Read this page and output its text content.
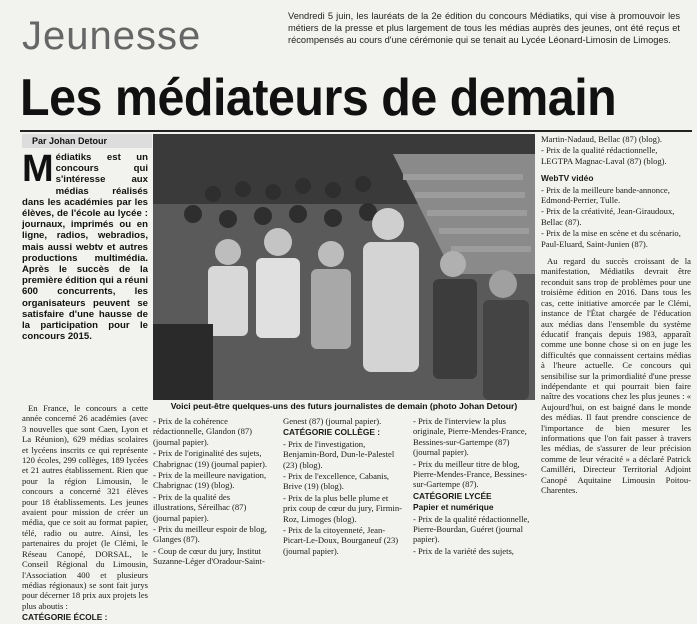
Jeunesse	Vendredi 5 juin, les lauréats de la 2e édition du concours Médiatiks, qui vise à promouvoir les métiers de la presse et plus largement de tous les médias auprès des jeunes, ont été reçus et récompensés au cours d'une cérémonie qui se tenait au Lycée Léonard-Limosin de Limoges.
Les médiateurs de demain
Par Johan Detour
Médiatiks est un concours qui s'intéresse aux médias réalisés dans les académies par les élèves, de l'école au lycée : journaux, imprimés ou en ligne, radios, webradios, mais aussi webtv et autres productions multimédia. Après le succès de la première édition qui a réuni 600 concurrents, les organisateurs peuvent se satisfaire d'une hausse de la participation pour le concours 2015.

En France, le concours a cette année concerné 26 académies (avec 3 nouvelles que sont Caen, Lyon et La Réunion), 629 médias scolaires et lycéens inscrits ce qui représente 120 écoles, 299 collèges, 189 lycées et 21 autres établissement. Rien que pour la région Limousin, le concours a concerné 321 élèves pour 18 établissements. Les jeunes avaient pour mission de créer un média, que ce soit au format papier, télé, radio ou autre. Ainsi, les partenaires du projet (le Clémi, le Réseau Canopé, DORSAL, le Conseil Régional du Limousin, l'Association 400 et plusieurs médias régionaux) se sont fait jurys pour décerner 18 prix aux projets les plus aboutis :

CATÉGORIE ÉCOLE :

Voici peut-être quelques-uns des futurs journalistes de demain (photo Johan Detour)

- Prix de la cohérence rédactionnelle, Glandon (87) (journal papier).

- Prix de l'originalité des sujets, Chabrignac (19) (journal papier).

- Prix de la meilleure navigation, Chabrignac (19) (blog).

- Prix de la qualité des illustrations, Séreilhac (87) (journal papier).

- Prix du meilleur espoir de blog, Glanges (87).

- Coup de cœur du jury, Institut Suzanne-Léger d'Oradour-Saint-

Genest (87) (journal papier).

CATÉGORIE COLLÈGE :

- Prix de l'investigation, Benjamin-Bord, Dun-le-Palestel (23) (blog).

- Prix de l'excellence, Cabanis, Brive (19) (blog).

- Prix de la plus belle plume et prix coup de cœur du jury, Firmin-Roz, Limoges (blog).

- Prix de la citoyenneté, Jean-Picart-Le-Doux, Bourganeuf (23) (journal papier).

- Prix de l'interview la plus originale, Pierre-Mendes-France, Bessines-sur-Gartempe (87) (journal papier).

- Prix du meilleur titre de blog, Pierre-Mendes-France, Bessines-sur-Gartempe (87).

CATÉGORIE LYCÉE

Papier et numérique

- Prix de la qualité rédactionnelle, Pierre-Bourdan, Guéret (journal papier).

- Prix de la variété des sujets,

Martin-Nadaud, Bellac (87) (blog).

- Prix de la qualité rédactionnelle, LEGTPA Magnac-Laval (87) (blog).

WebTV vidéo

- Prix de la meilleure bande-annonce, Edmond-Perrier, Tulle.

- Prix de la créativité, Jean-Giraudoux, Bellac (87).

- Prix de la mise en scène et du scénario, Paul-Eluard, Saint-Junien (87).

Au regard du succès croissant de la manifestation, Médiatiks devrait être reconduit sans trop de problèmes pour une troisième édition en 2016. Dans tous les cas, cette initiative amorcée par le Clémi, instance de l'État chargée de l'éducation aux médias dans l'ensemble du système éducatif français depuis 1983, apparaît comme une bonne chose si on en juge les difficultés que connaissent certains médias à l'heure actuelle. Ce concours qui sensibilise sur la primordialité d'une presse indépendante et qui pourrait bien faire naître des vocations chez les plus jeunes : « Aujourd'hui, on est baigné dans le monde des médias. Il faut prendre conscience de l'importance de bien mesurer les informations que l'on fait passer à travers les médias, de s'assurer de leur précision comme de leur véracité » a déclaré Patrick Camilléri, Directeur Territorial Adjoint Canopé Aquitaine Limousin Poitou-Charentes.
